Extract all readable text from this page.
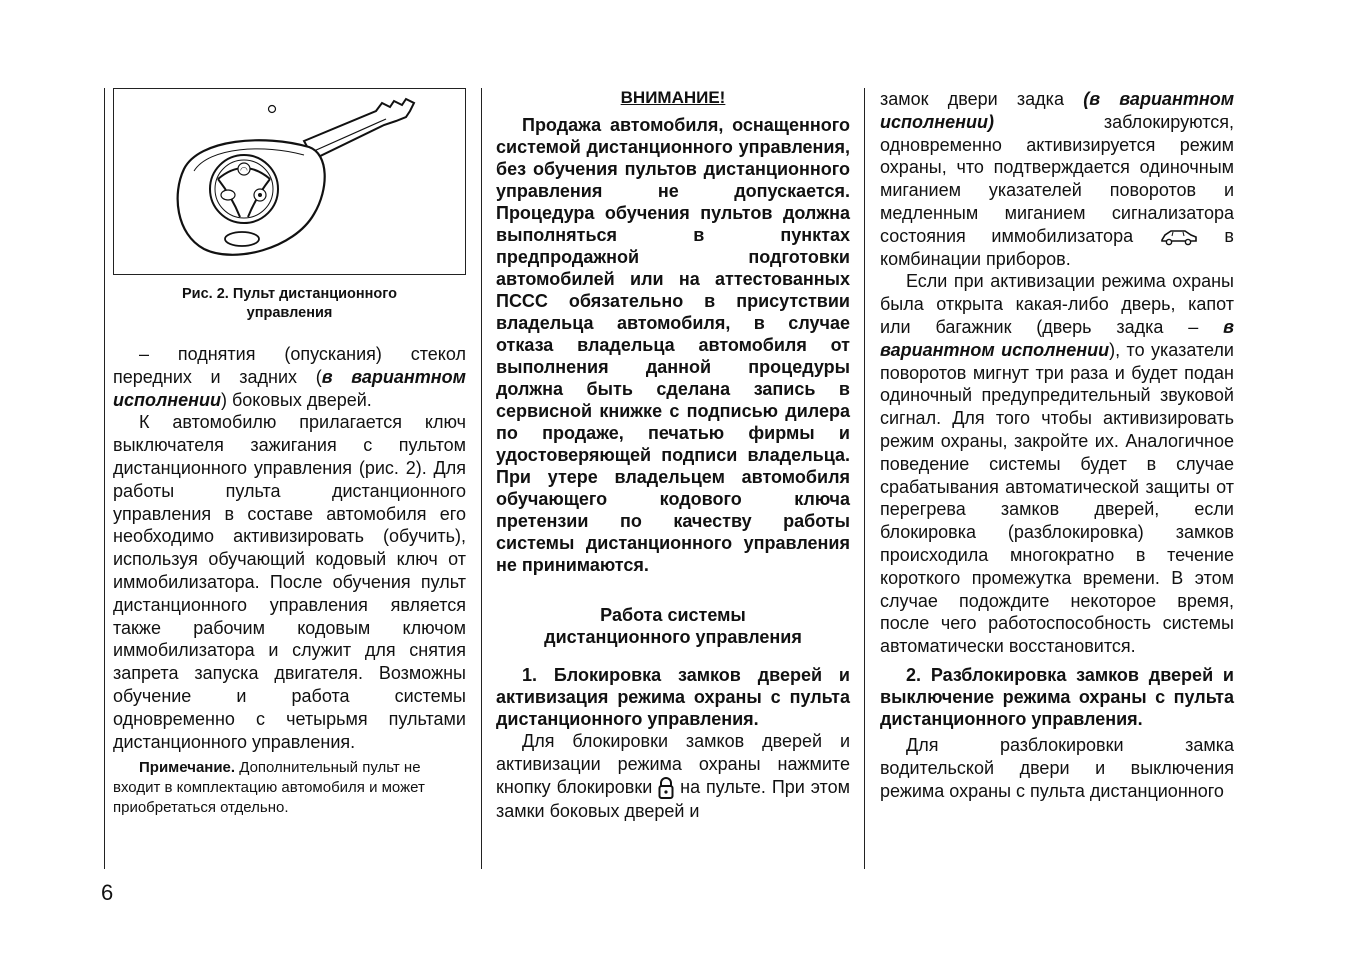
◠
Рис. 2. Пульт дистанционного
управления

– поднятия (опускания) стекол передних и задних (в вариантном исполнении) боковых дверей.

К автомобилю прилагается ключ выключателя зажигания с пультом дистанционного управления (рис. 2). Для работы пульта дистанционного управления в составе автомобиля его необходимо активизировать (обучить), используя обучающий кодовый ключ от иммобилизатора. После обучения пульт дистанционного управления является также рабочим кодовым ключом иммобилизатора и служит для снятия запрета запуска двигателя. Возможны обучение и работа системы одновременно с четырьмя пультами дистанционного управления.

Примечание. Дополнительный пульт не входит в комплектацию автомобиля и может приобретаться отдельно.

ВНИМАНИЕ!

Продажа автомобиля, оснащенного системой дистанционного управления, без обучения пультов дистанционного управления не допускается. Процедура обучения пультов должна выполняться в пунктах предпродажной подготовки автомобилей или на аттестованных ПССС обязательно в присутствии владельца автомобиля, в случае отказа владельца автомобиля от выполнения данной процедуры должна быть сделана запись в сервисной книжке с подписью дилера по продаже, печатью фирмы и удостоверяющей подписи владельца. При утере владельцем автомобиля обучающего кодового ключа претензии по качеству работы системы дистанционного управления не принимаются.

Работа системы
дистанционного управления

1. Блокировка замков дверей и активизация режима охраны с пульта дистанционного управления.

Для блокировки замков дверей и активизации режима охраны нажмите кнопку блокировки  на пульте. При этом замки боковых дверей и

замок двери задка (в вариантном исполнении) заблокируются, одновременно активизируется режим охраны, что подтверждается одиночным миганием указателей поворотов и медленным миганием сигнализатора состояния иммобилизатора	в комбинации приборов.

Если при активизации режима охраны была открыта какая-либо дверь, капот или багажник (дверь задка – в вариантном исполнении), то указатели поворотов мигнут три раза и будет подан одиночный предупредительный звуковой сигнал. Для того чтобы активизировать режим охраны, закройте их. Аналогичное поведение системы будет в случае срабатывания автоматической защиты от перегрева замков дверей, если блокировка (разблокировка) замков происходила многократно в течение короткого промежутка времени. В этом случае подождите некоторое время, после чего работоспособность системы автоматически восстановится.

2. Разблокировка замков дверей и выключение режима охраны с пульта дистанционного управления.

Для разблокировки замка водительской двери и выключения режима охраны с пульта дистанционного

6
